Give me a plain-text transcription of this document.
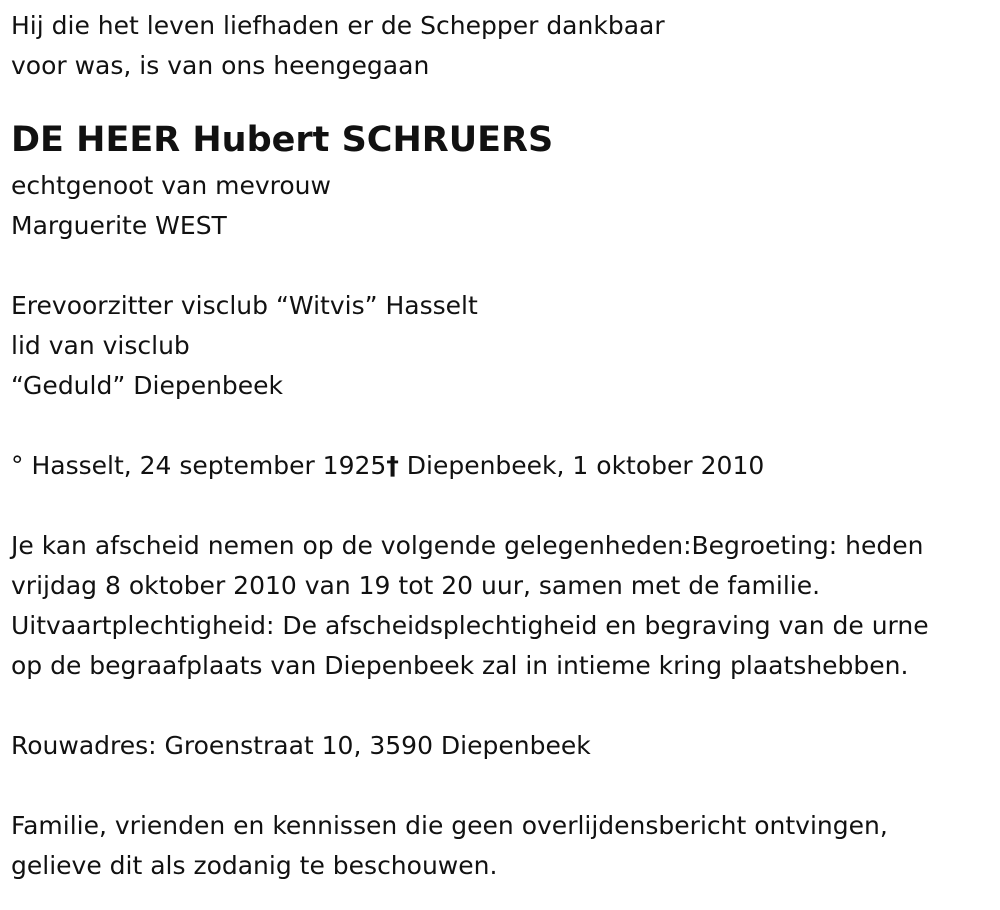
Hij die het leven liefhaden er de Schepper dankbaar
voor was, is van ons heengegaan
DE HEER Hubert SCHRUERS
echtgenoot van mevrouw
Marguerite WEST
Erevoorzitter visclub “Witvis” Hasselt
lid van visclub
“Geduld” Diepenbeek
° Hasselt, 24 september 1925† Diepenbeek, 1 oktober 2010
Je kan afscheid nemen op de volgende gelegenheden:Begroeting: heden
vrijdag 8 oktober 2010 van 19 tot 20 uur, samen met de familie.
Uitvaartplechtigheid: De afscheidsplechtigheid en begraving van de urne
op de begraafplaats van Diepenbeek zal in intieme kring plaatshebben.
Rouwadres: Groenstraat 10, 3590 Diepenbeek
Familie, vrienden en kennissen die geen overlijdensbericht ontvingen,
gelieve dit als zodanig te beschouwen.
